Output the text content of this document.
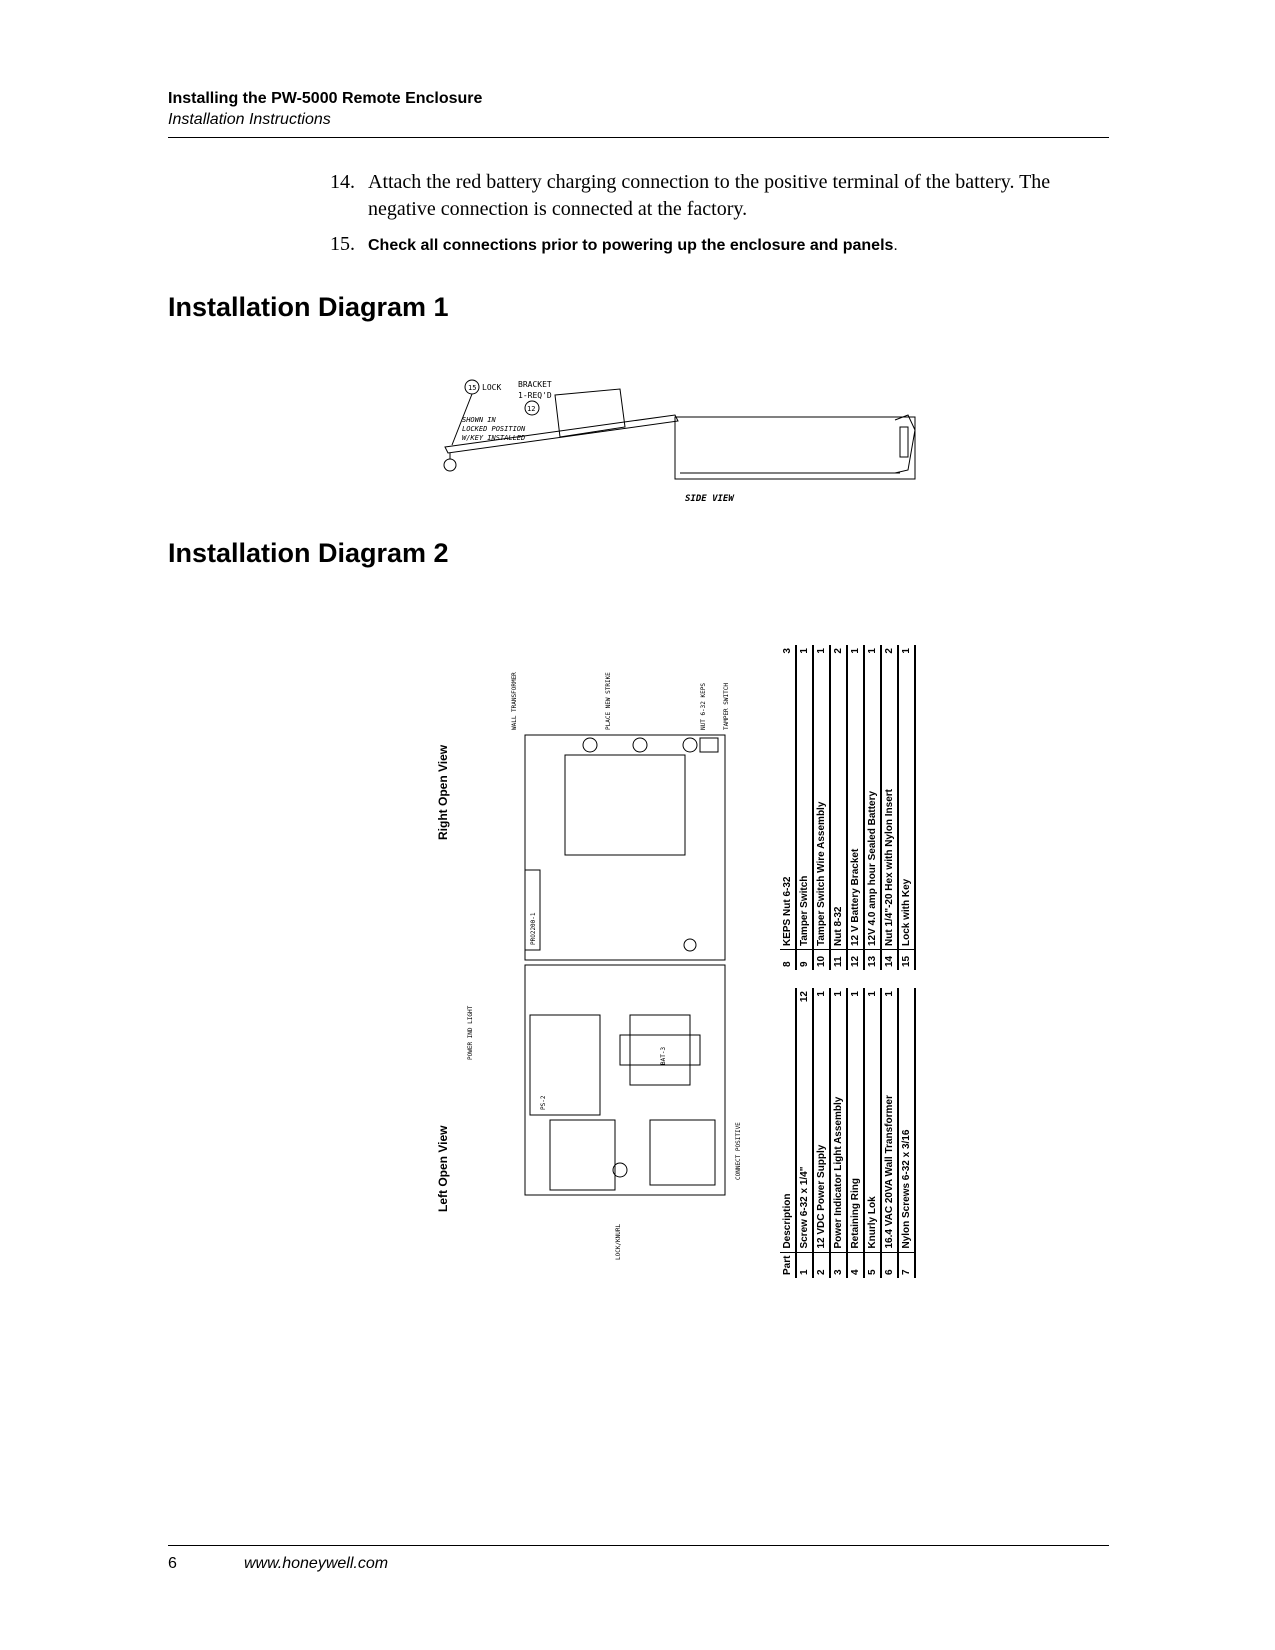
Installing the PW-5000 Remote Enclosure
Installation Instructions
14. Attach the red battery charging connection to the positive terminal of the battery. The negative connection is connected at the factory.
15. Check all connections prior to powering up the enclosure and panels.
Installation Diagram 1
15 LOCK BRACKET
1-REQ'D
12
SHOWN IN
LOCKED POSITION
W/KEY INSTALLED
SIDE VIEW
Installation Diagram 2
Right Open View
Left Open View
WALL TRANSFORMER	PLACE NEW STRIKE	NUT 6-32 KEPS	TAMPER SWITCH
PRO2200-1
PS-2
BAT-3
POWER IND LIGHT
CONNECT POSITIVE
LOCK/KNURL
Part	Description	
1	Screw 6-32 x 1/4"	12
2	12 VDC Power Supply	1
3	Power Indicator Light Assembly	1
4	Retaining Ring	1
5	Knurly Lok	1
6	16.4 VAC 20VA Wall Transformer	1
7	Nylon Screws 6-32 x 3/16	
8	KEPS Nut 6-32	3
9	Tamper Switch	1
10	Tamper Switch Wire Assembly	1
11	Nut 8-32	2
12	12 V Battery Bracket	1
13	12V 4.0 amp hour Sealed Battery	1
14	Nut 1/4"-20 Hex with Nylon Insert	2
15	Lock with Key	1
6	www.honeywell.com
